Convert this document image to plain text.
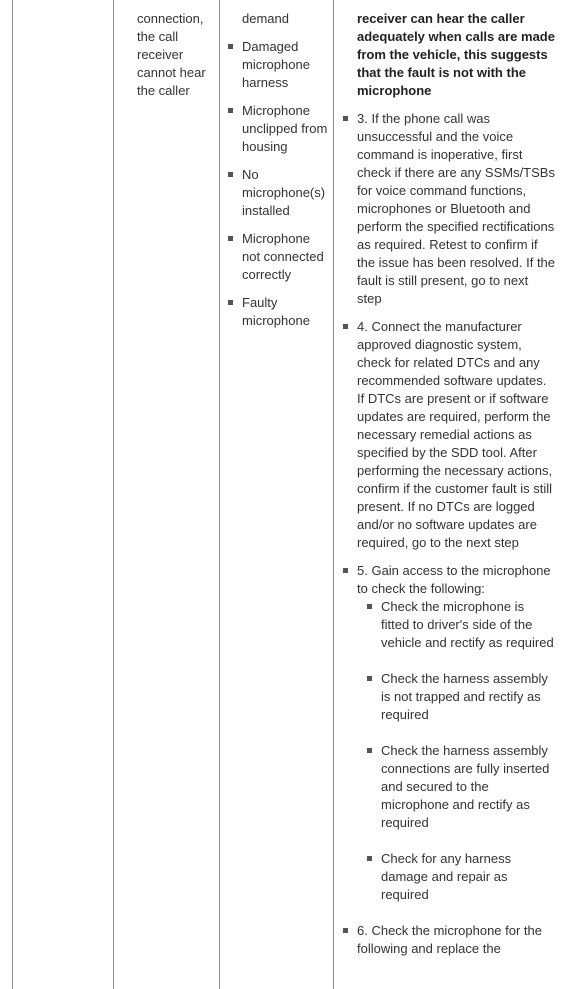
connection, the call receiver cannot hear the caller

demand
Damaged microphone harness
Microphone unclipped from housing
No microphone(s) installed
Microphone not connected correctly
Faulty microphone
receiver can hear the caller adequately when calls are made from the vehicle, this suggests that the fault is not with the microphone
3. If the phone call was unsuccessful and the voice command is inoperative, first check if there are any SSMs/TSBs for voice command functions, microphones or Bluetooth and perform the specified rectifications as required. Retest to confirm if the issue has been resolved. If the fault is still present, go to next step
4. Connect the manufacturer approved diagnostic system, check for related DTCs and any recommended software updates. If DTCs are present or if software updates are required, perform the necessary remedial actions as specified by the SDD tool. After performing the necessary actions, confirm if the customer fault is still present. If no DTCs are logged and/or no software updates are required, go to the next step
5. Gain access to the microphone to check the following:
Check the microphone is fitted to driver's side of the vehicle and rectify as required
Check the harness assembly is not trapped and rectify as required
Check the harness assembly connections are fully inserted and secured to the microphone and rectify as required
Check for any harness damage and repair as required
6. Check the microphone for the following and replace the
